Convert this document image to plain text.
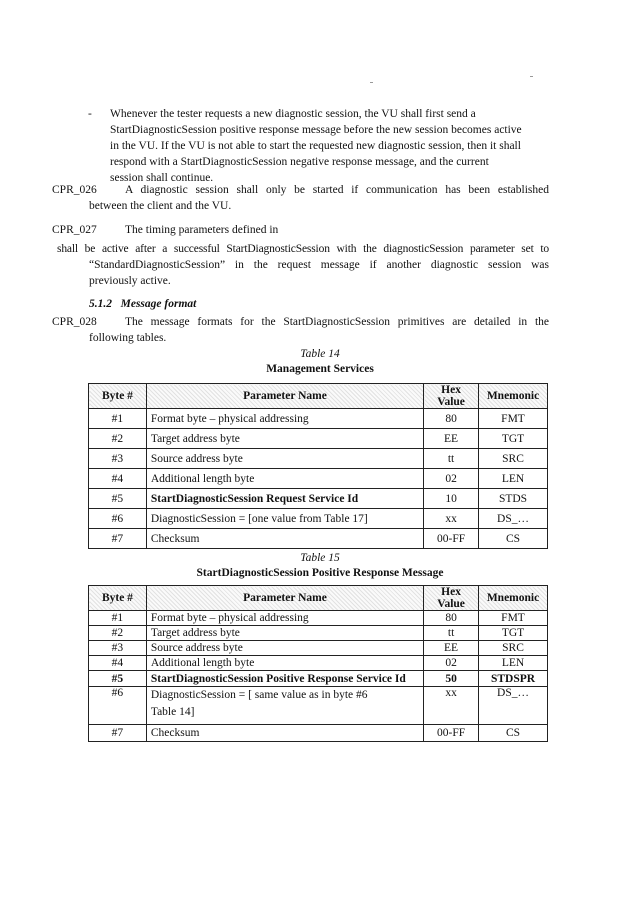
- Whenever the tester requests a new diagnostic session, the VU shall first send a
StartDiagnosticSession positive response message before the new session becomes active
in the VU. If the VU is not able to start the requested new diagnostic session, then it shall
respond with a StartDiagnosticSession negative response message, and the current
session shall continue.
CPR_026 A diagnostic session shall only be started if communication has been established
between the client and the VU.
CPR_027 The timing parameters defined in
shall be active after a successful StartDiagnosticSession with the diagnosticSession parameter set to
“StandardDiagnosticSession” in the request message if another diagnostic session was
previously active.
5.1.2 Message format
CPR_028 The message formats for the StartDiagnosticSession primitives are detailed in the
following tables.
Table 14
Management Services
Byte #	Parameter Name	Hex Value	Mnemonic
#1	Format byte – physical addressing	80	FMT
#2	Target address byte	EE	TGT
#3	Source address byte	tt	SRC
#4	Additional length byte	02	LEN
#5	StartDiagnosticSession Request Service Id	10	STDS
#6	DiagnosticSession = [one value from Table 17]	xx	DS_…
#7	Checksum	00-FF	CS
Table 15
StartDiagnosticSession Positive Response Message
Byte #	Parameter Name	Hex Value	Mnemonic
#1	Format byte – physical addressing	80	FMT
#2	Target address byte	tt	TGT
#3	Source address byte	EE	SRC
#4	Additional length byte	02	LEN
#5	StartDiagnosticSession Positive Response Service Id	50	STDSPR
#6	DiagnosticSession = [ same value as in byte #6 Table 14]	xx	DS_…
#7	Checksum	00-FF	CS
